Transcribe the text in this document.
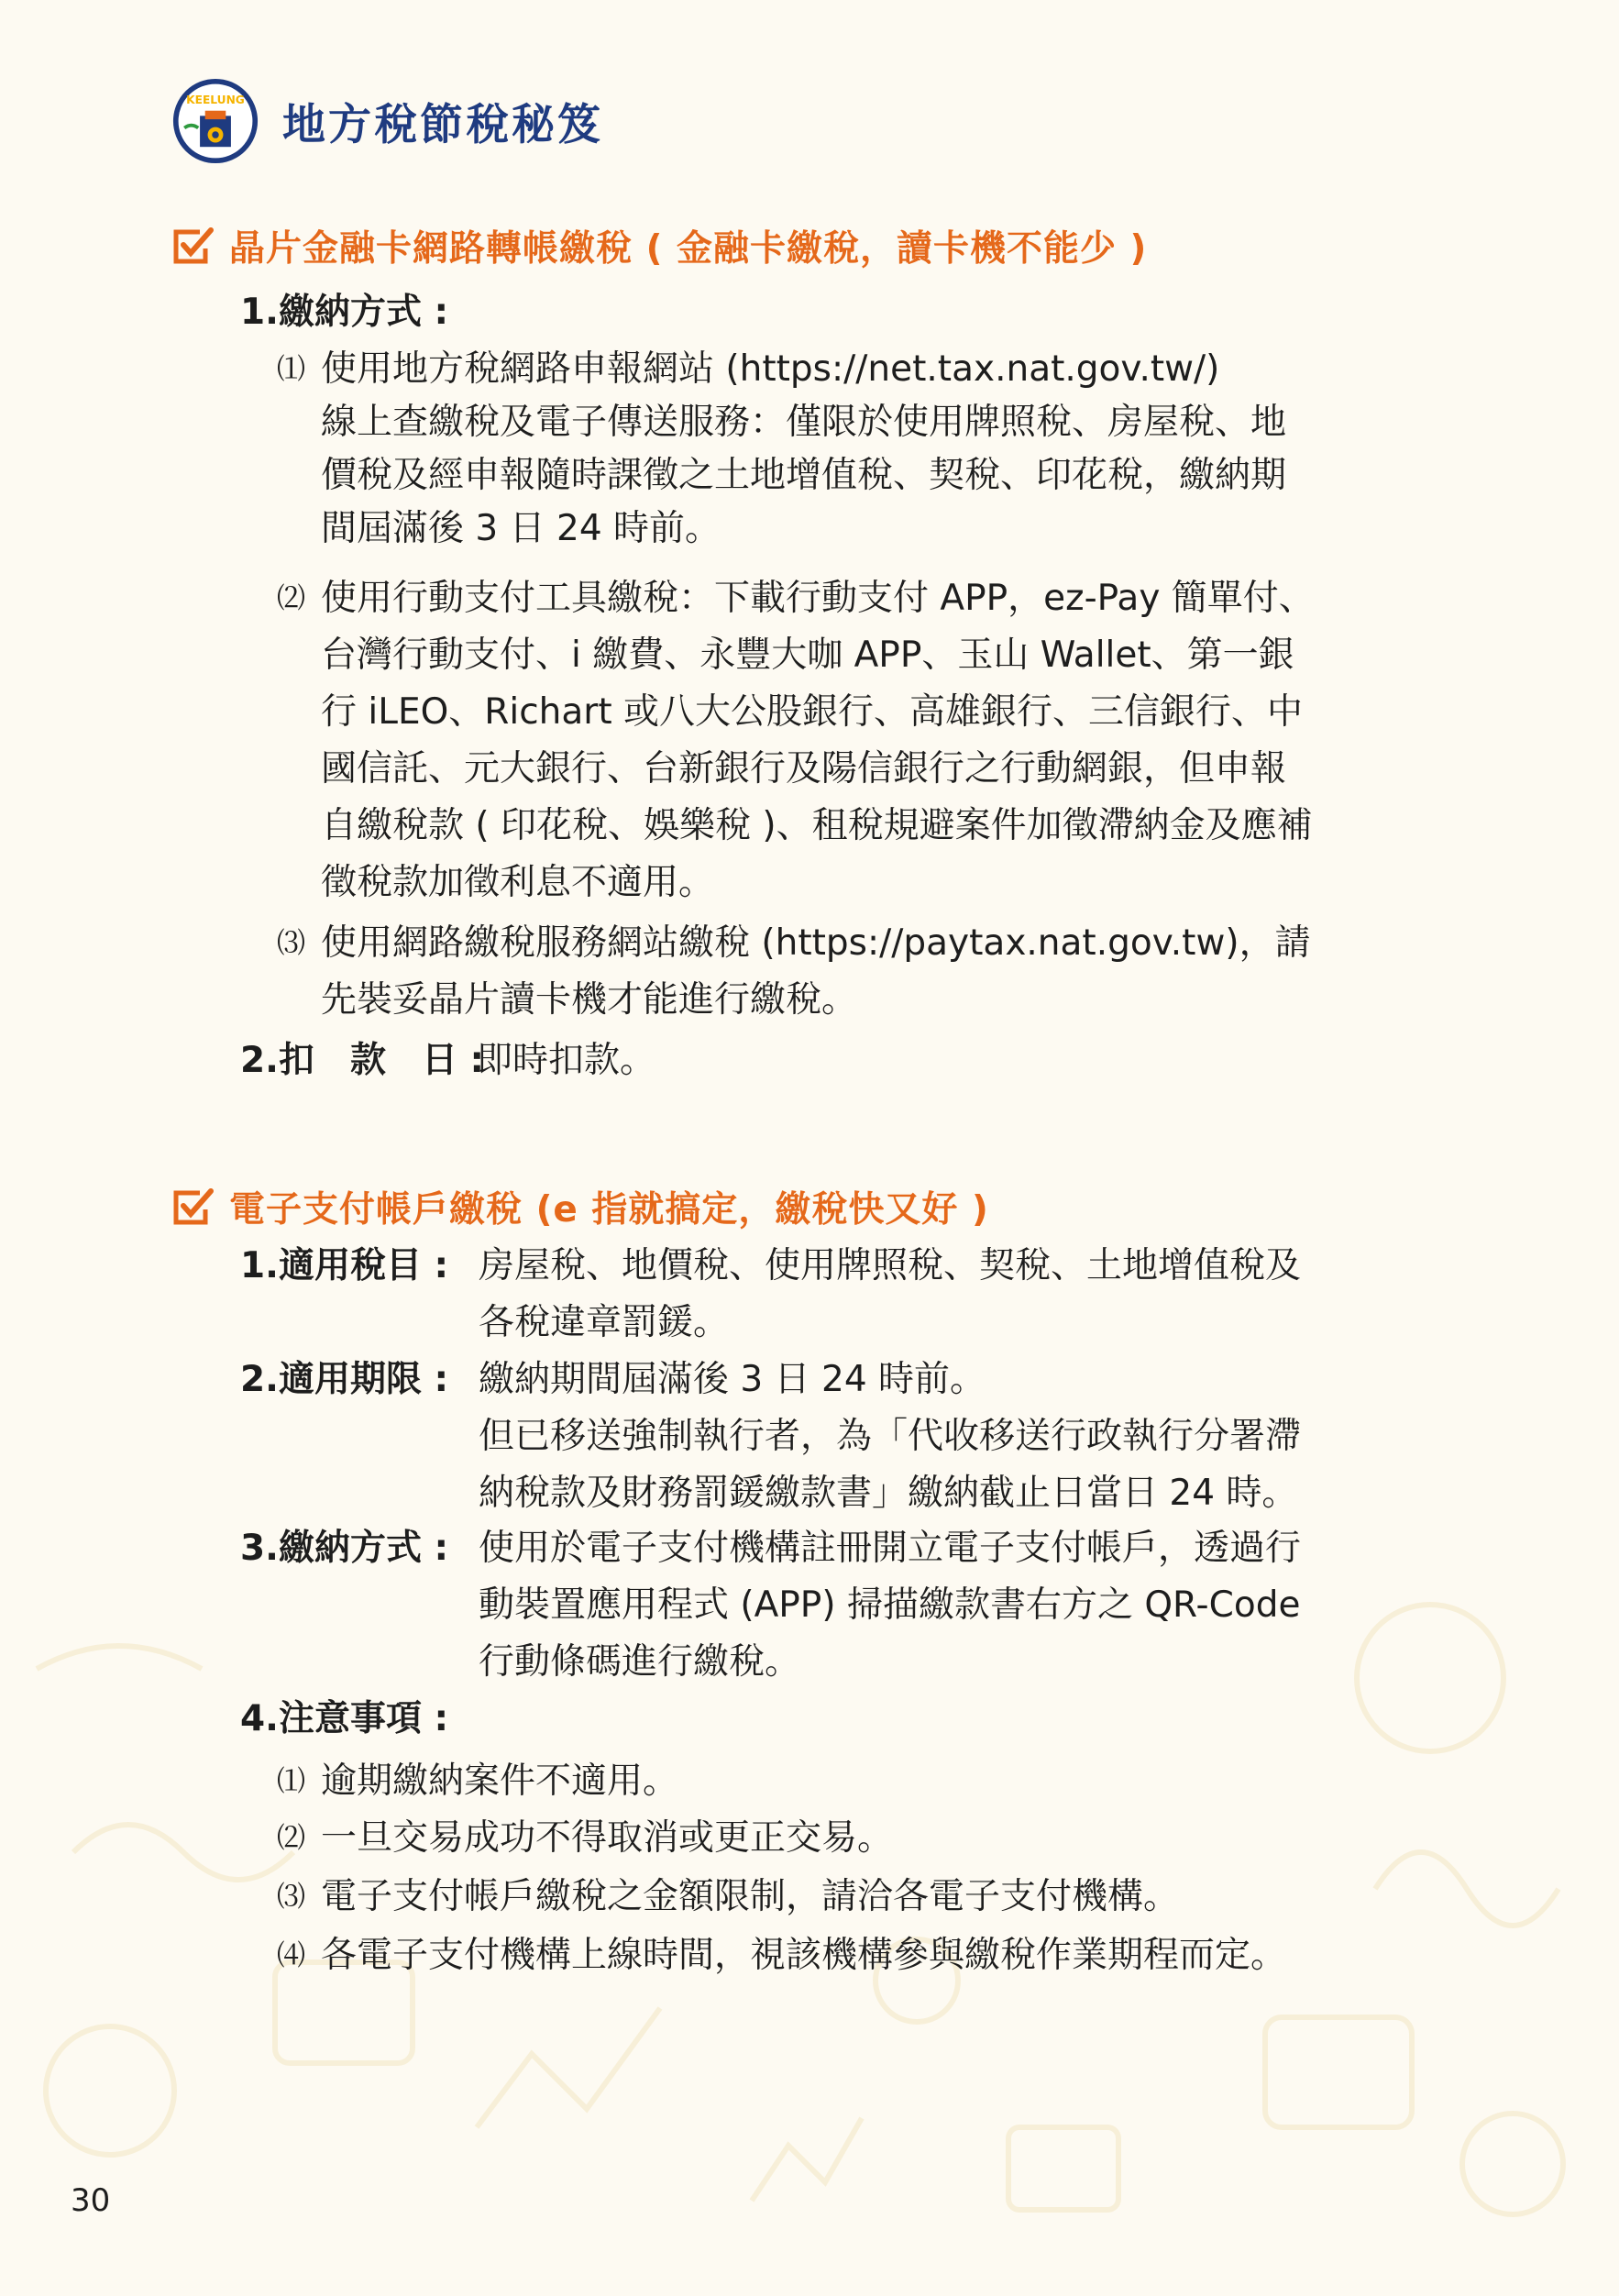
KEELUNG 地方稅節稅秘笈
晶片金融卡網路轉帳繳稅 ( 金融卡繳稅，讀卡機不能少 )
1.繳納方式 :
⑴ 使用地方稅網路申報網站 (https://net.tax.nat.gov.tw/)
線上查繳稅及電子傳送服務：僅限於使用牌照稅、房屋稅、地
價稅及經申報隨時課徵之土地增值稅、契稅、印花稅，繳納期
間屆滿後 3 日 24 時前。
⑵ 使用行動支付工具繳稅：下載行動支付 APP，ez-Pay 簡單付、
台灣行動支付、i 繳費、永豐大咖 APP、玉山 Wallet、第一銀
行 iLEO、Richart 或八大公股銀行、高雄銀行、三信銀行、中
國信託、元大銀行、台新銀行及陽信銀行之行動網銀，但申報
自繳稅款 ( 印花稅、娛樂稅 )、租稅規避案件加徵滯納金及應補
徵稅款加徵利息不適用。
⑶ 使用網路繳稅服務網站繳稅 (https://paytax.nat.gov.tw)，請
先裝妥晶片讀卡機才能進行繳稅。
2.扣　款　日 :
即時扣款。
電子支付帳戶繳稅 (e 指就搞定，繳稅快又好 )
1.適用稅目 : 房屋稅、地價稅、使用牌照稅、契稅、土地增值稅及
各稅違章罰鍰。
2.適用期限 : 繳納期間屆滿後 3 日 24 時前。
但已移送強制執行者，為「代收移送行政執行分署滯
納稅款及財務罰鍰繳款書」繳納截止日當日 24 時。
3.繳納方式 : 使用於電子支付機構註冊開立電子支付帳戶，透過行
動裝置應用程式 (APP) 掃描繳款書右方之 QR-Code
行動條碼進行繳稅。
4.注意事項 :
⑴ 逾期繳納案件不適用。
⑵ 一旦交易成功不得取消或更正交易。
⑶ 電子支付帳戶繳稅之金額限制，請洽各電子支付機構。
⑷ 各電子支付機構上線時間，視該機構參與繳稅作業期程而定。
30
